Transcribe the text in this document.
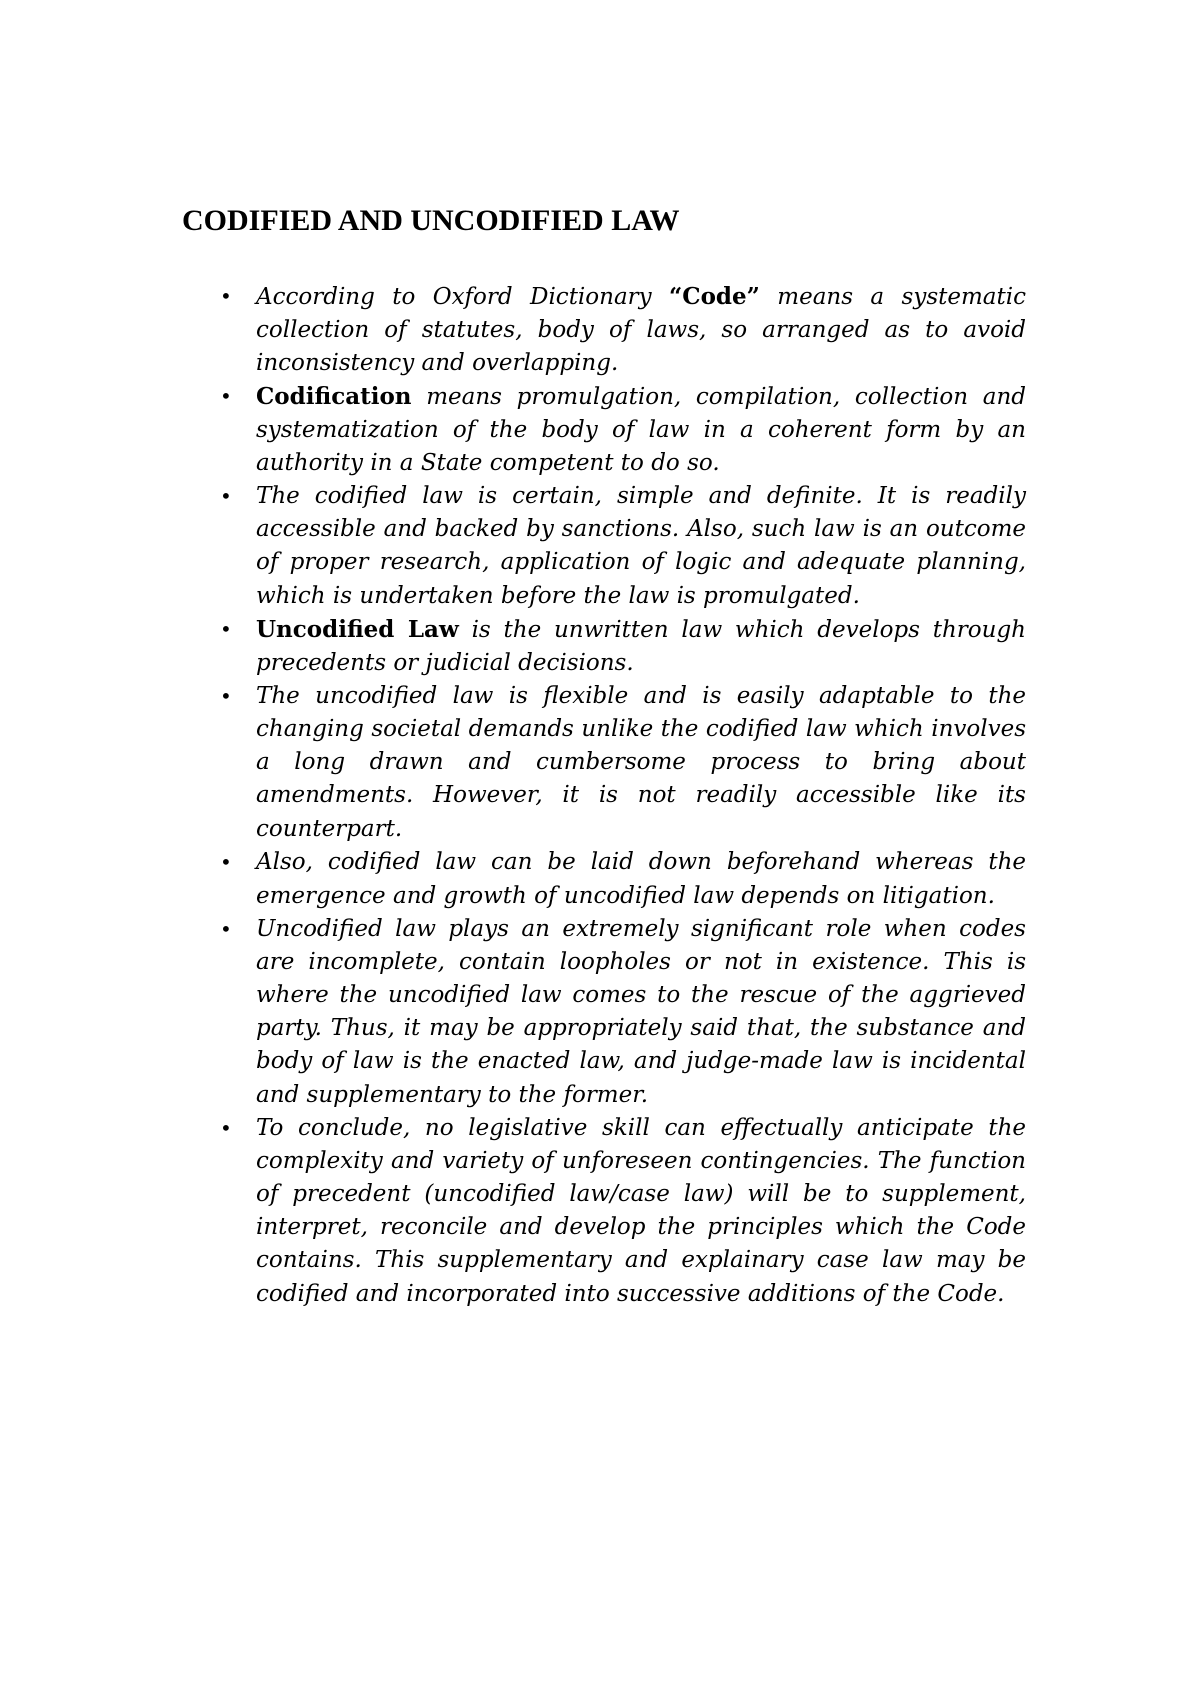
CODIFIED AND UNCODIFIED LAW
• According to Oxford Dictionary “Code” means a systematic collection of statutes, body of laws, so arranged as to avoid inconsistency and overlapping.
• Codification means promulgation, compilation, collection and systematization of the body of law in a coherent form by an authority in a State competent to do so.
• The codified law is certain, simple and definite. It is readily accessible and backed by sanctions. Also, such law is an outcome of proper research, application of logic and adequate planning, which is undertaken before the law is promulgated.
• Uncodified Law is the unwritten law which develops through precedents or judicial decisions.
• The uncodified law is flexible and is easily adaptable to the changing societal demands unlike the codified law which involves a long drawn and cumbersome process to bring about amendments. However, it is not readily accessible like its counterpart.
• Also, codified law can be laid down beforehand whereas the emergence and growth of uncodified law depends on litigation.
• Uncodified law plays an extremely significant role when codes are incomplete, contain loopholes or not in existence. This is where the uncodified law comes to the rescue of the aggrieved party. Thus, it may be appropriately said that, the substance and body of law is the enacted law, and judge-made law is incidental and supplementary to the former.
• To conclude, no legislative skill can effectually anticipate the complexity and variety of unforeseen contingencies. The function of precedent (uncodified law/case law) will be to supplement, interpret, reconcile and develop the principles which the Code contains. This supplementary and explainary case law may be codified and incorporated into successive additions of the Code.
